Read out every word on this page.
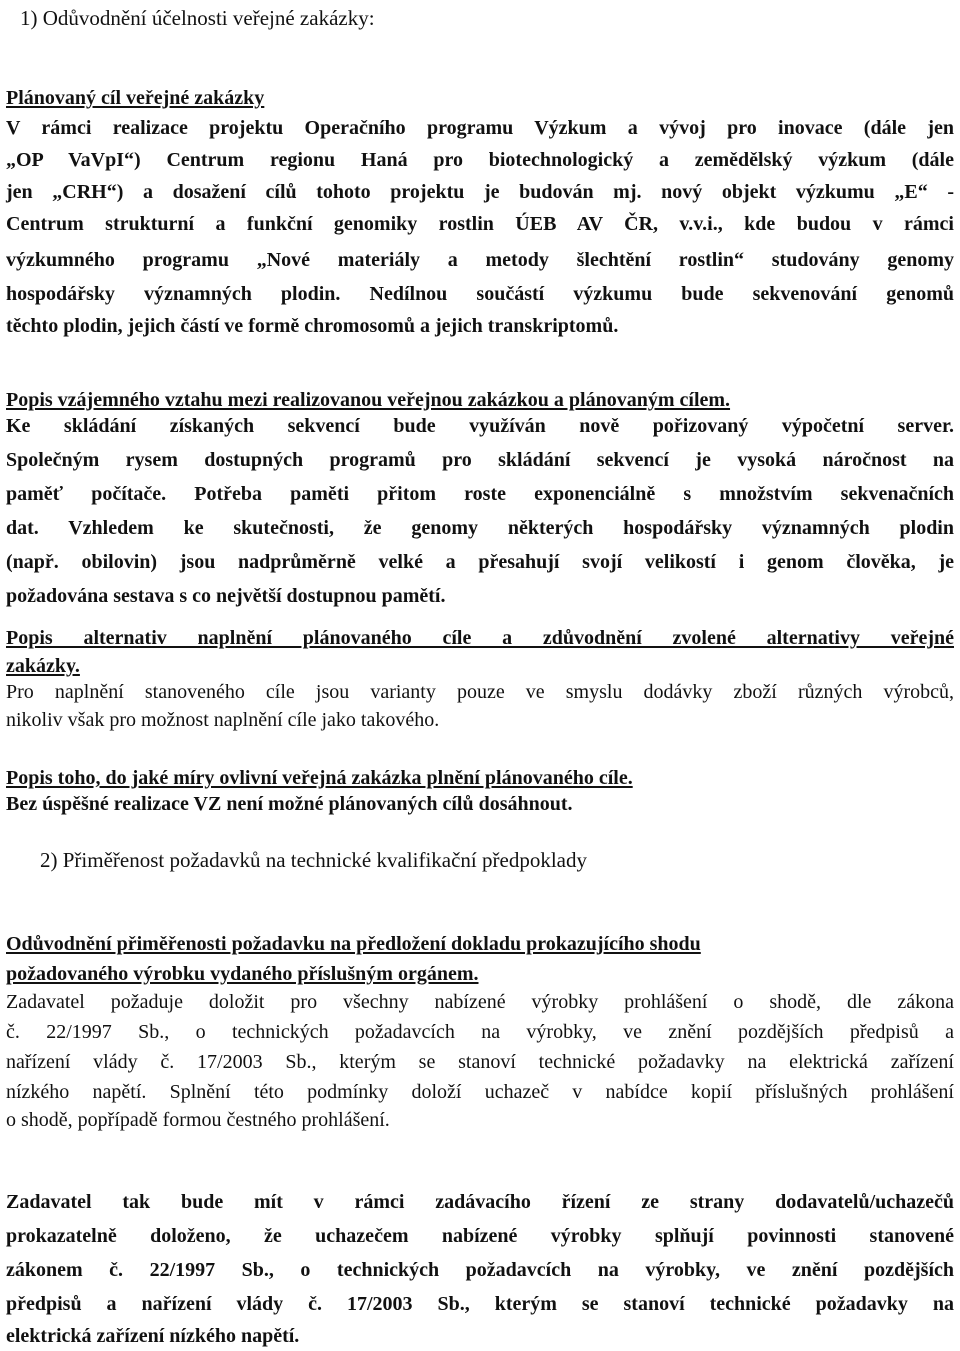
1) Odůvodnění účelnosti veřejné zakázky:
Plánovaný cíl veřejné zakázky
V rámci realizace projektu Operačního programu Výzkum a vývoj pro inovace (dále jen
„OP VaVpI“) Centrum regionu Haná pro biotechnologický a zemědělský výzkum (dále
jen „CRH“) a dosažení cílů tohoto projektu je budován mj. nový objekt výzkumu „E“ -
Centrum strukturní a funkční genomiky rostlin ÚEB AV ČR, v.v.i., kde budou v rámci
výzkumného programu „Nové materiály a metody šlechtění rostlin“ studovány genomy
hospodářsky významných plodin. Nedílnou součástí výzkumu bude sekvenování genomů
těchto plodin, jejich částí ve formě chromosomů a jejich transkriptomů.
Popis vzájemného vztahu mezi realizovanou veřejnou zakázkou a plánovaným cílem.
Ke skládání získaných sekvencí bude využíván nově pořizovaný výpočetní server.
Společným rysem dostupných programů pro skládání sekvencí je vysoká náročnost na
paměť počítače. Potřeba paměti přitom roste exponenciálně s množstvím sekvenačních
dat. Vzhledem ke skutečnosti, že genomy některých hospodářsky významných plodin
(např. obilovin) jsou nadprůměrně velké a přesahují svojí velikostí i genom člověka, je
požadována sestava s co největší dostupnou pamětí.
Popis alternativ naplnění plánovaného cíle a zdůvodnění zvolené alternativy veřejné
zakázky.
Pro naplnění stanoveného cíle jsou varianty pouze ve smyslu dodávky zboží různých výrobců,
nikoliv však pro možnost naplnění cíle jako takového.
Popis toho, do jaké míry ovlivní veřejná zakázka plnění plánovaného cíle.
Bez úspěšné realizace VZ není možné plánovaných cílů dosáhnout.
2) Přiměřenost požadavků na technické kvalifikační předpoklady
Odůvodnění přiměřenosti požadavku na předložení dokladu prokazujícího shodu
požadovaného výrobku vydaného příslušným orgánem.
Zadavatel požaduje doložit pro všechny nabízené výrobky prohlášení o shodě, dle zákona
č. 22/1997 Sb., o technických požadavcích na výrobky, ve znění pozdějších předpisů a
nařízení vlády č. 17/2003 Sb., kterým se stanoví technické požadavky na elektrická zařízení
nízkého napětí. Splnění této podmínky doloží uchazeč v nabídce kopií příslušných prohlášení
o shodě, popřípadě formou čestného prohlášení.
Zadavatel tak bude mít v rámci zadávacího řízení ze strany dodavatelů/uchazečů
prokazatelně doloženo, že uchazečem nabízené výrobky splňují povinnosti stanovené
zákonem č. 22/1997 Sb., o technických požadavcích na výrobky, ve znění pozdějších
předpisů a nařízení vlády č. 17/2003 Sb., kterým se stanoví technické požadavky na
elektrická zařízení nízkého napětí.
